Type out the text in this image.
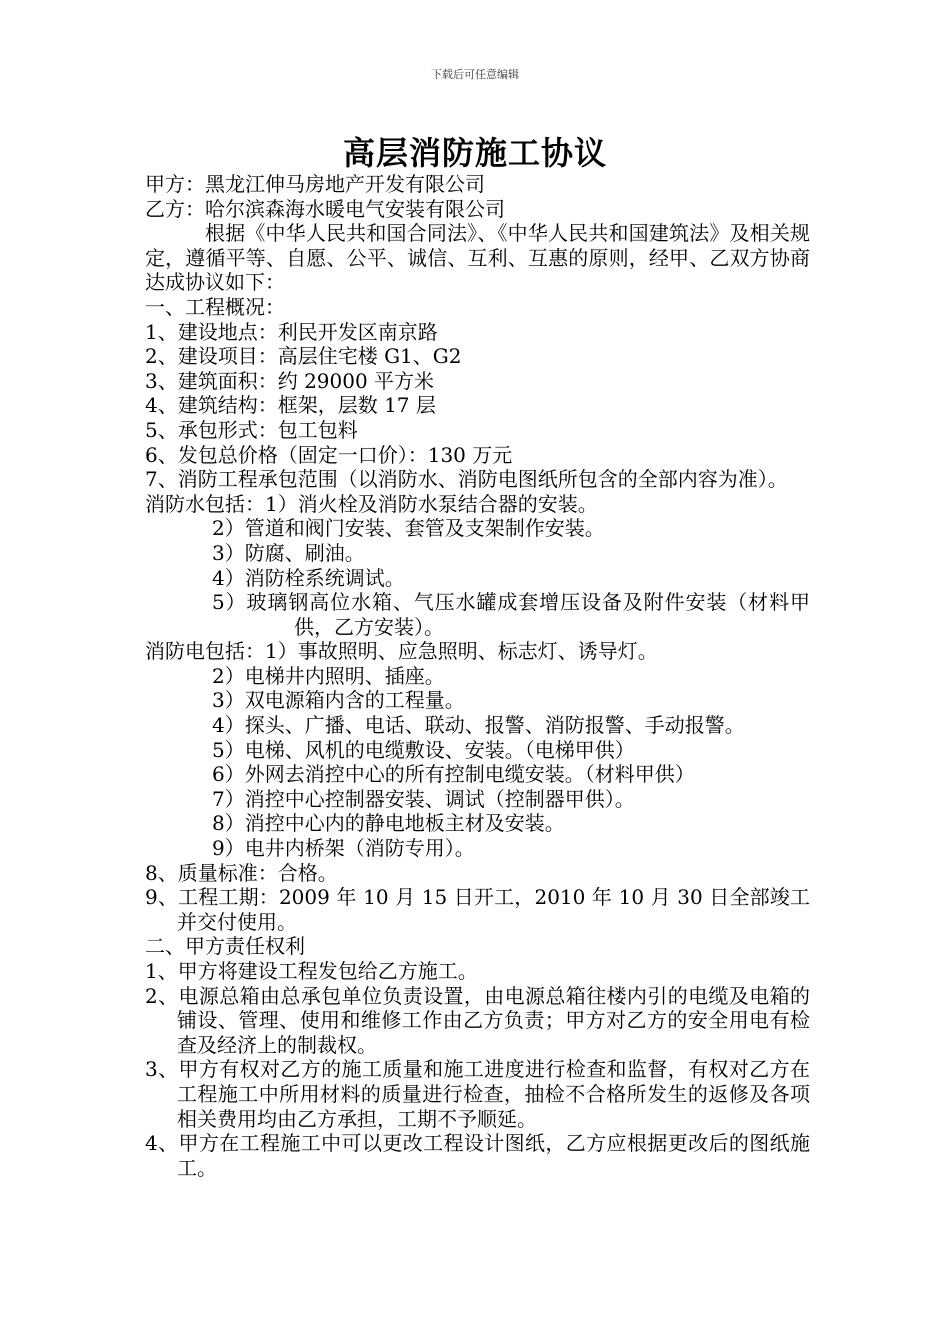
下载后可任意编辑
高层消防施工协议
甲方：黑龙江伸马房地产开发有限公司
乙方：哈尔滨森海水暖电气安装有限公司
根据《中华人民共和国合同法》、《中华人民共和国建筑法》及相关规定，遵循平等、自愿、公平、诚信、互利、互惠的原则，经甲、乙双方协商达成协议如下：
一、工程概况：
1、建设地点：利民开发区南京路
2、建设项目：高层住宅楼 G1、G2
3、建筑面积：约 29000 平方米
4、建筑结构：框架，层数 17 层
5、承包形式：包工包料
6、发包总价格（固定一口价）：130 万元
7、消防工程承包范围（以消防水、消防电图纸所包含的全部内容为准）。
消防水包括：1）消火栓及消防水泵结合器的安装。
2）管道和阀门安装、套管及支架制作安装。
3）防腐、刷油。
4）消防栓系统调试。
5）玻璃钢高位水箱、气压水罐成套增压设备及附件安装（材料甲供，乙方安装）。
消防电包括：1）事故照明、应急照明、标志灯、诱导灯。
2）电梯井内照明、插座。
3）双电源箱内含的工程量。
4）探头、广播、电话、联动、报警、消防报警、手动报警。
5）电梯、风机的电缆敷设、安装。（电梯甲供）
6）外网去消控中心的所有控制电缆安装。（材料甲供）
7）消控中心控制器安装、调试（控制器甲供）。
8）消控中心内的静电地板主材及安装。
9）电井内桥架（消防专用）。
8、质量标准：合格。
9、工程工期：2009 年 10 月 15 日开工，2010 年 10 月 30 日全部竣工并交付使用。
二、甲方责任权利
1、甲方将建设工程发包给乙方施工。
2、电源总箱由总承包单位负责设置，由电源总箱往楼内引的电缆及电箱的铺设、管理、使用和维修工作由乙方负责；甲方对乙方的安全用电有检查及经济上的制裁权。
3、甲方有权对乙方的施工质量和施工进度进行检查和监督，有权对乙方在工程施工中所用材料的质量进行检查，抽检不合格所发生的返修及各项相关费用均由乙方承担，工期不予顺延。
4、甲方在工程施工中可以更改工程设计图纸，乙方应根据更改后的图纸施工。
